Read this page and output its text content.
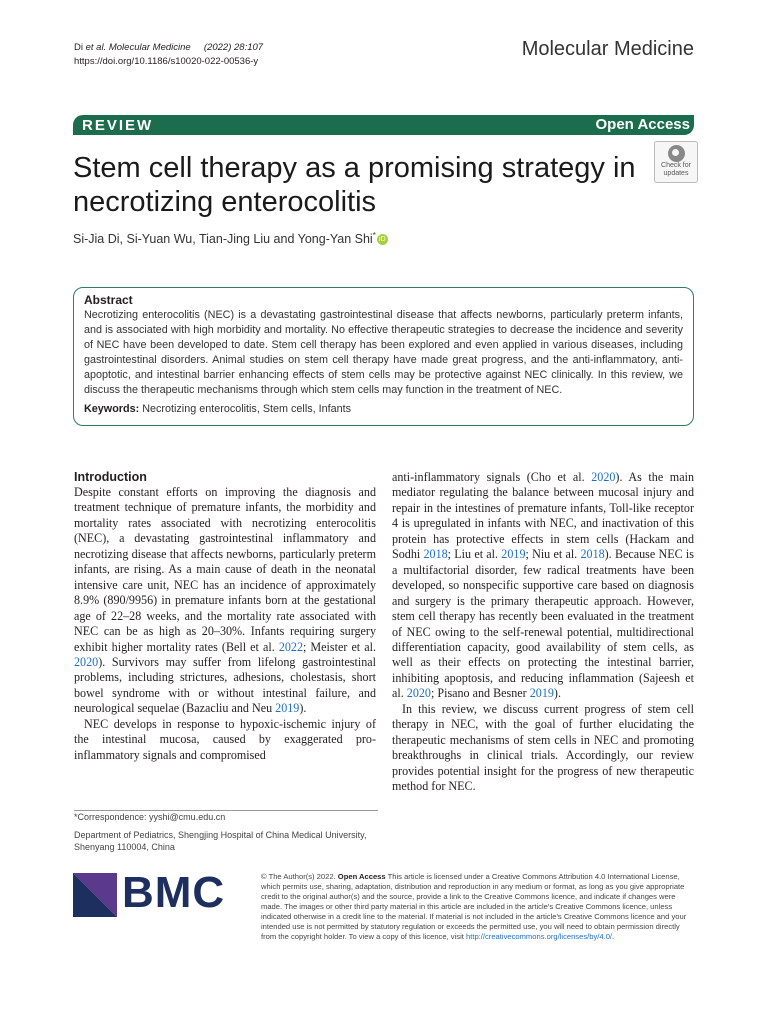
Di et al. Molecular Medicine (2022) 28:107
https://doi.org/10.1186/s10020-022-00536-y
Molecular Medicine
REVIEW	Open Access
Stem cell therapy as a promising strategy in necrotizing enterocolitis
Check for
updates
Si-Jia Di, Si-Yuan Wu, Tian-Jing Liu and Yong-Yan Shi* iD
Abstract

Necrotizing enterocolitis (NEC) is a devastating gastrointestinal disease that affects newborns, particularly preterm infants, and is associated with high morbidity and mortality. No effective therapeutic strategies to decrease the incidence and severity of NEC have been developed to date. Stem cell therapy has been explored and even applied in various diseases, including gastrointestinal disorders. Animal studies on stem cell therapy have made great progress, and the anti-inflammatory, anti-apoptotic, and intestinal barrier enhancing effects of stem cells may be protective against NEC clinically. In this review, we discuss the therapeutic mechanisms through which stem cells may function in the treatment of NEC.

Keywords: Necrotizing enterocolitis, Stem cells, Infants

Introduction

Despite constant efforts on improving the diagnosis and treatment technique of premature infants, the morbidity and mortality rates associated with necrotizing enterocolitis (NEC), a devastating gastrointestinal inflammatory and necrotizing disease that affects newborns, particularly preterm infants, are rising. As a main cause of death in the neonatal intensive care unit, NEC has an incidence of approximately 8.9% (890/9956) in premature infants born at the gestational age of 22–28 weeks, and the mortality rate associated with NEC can be as high as 20–30%. Infants requiring surgery exhibit higher mortality rates (Bell et al. 2022; Meister et al. 2020). Survivors may suffer from lifelong gastrointestinal problems, including strictures, adhesions, cholestasis, short bowel syndrome with or without intestinal failure, and neurological sequelae (Bazacliu and Neu 2019).

NEC develops in response to hypoxic-ischemic injury of the intestinal mucosa, caused by exaggerated pro-inflammatory signals and compromised

anti-inflammatory signals (Cho et al. 2020). As the main mediator regulating the balance between mucosal injury and repair in the intestines of premature infants, Toll-like receptor 4 is upregulated in infants with NEC, and inactivation of this protein has protective effects in stem cells (Hackam and Sodhi 2018; Liu et al. 2019; Niu et al. 2018). Because NEC is a multifactorial disorder, few radical treatments have been developed, so nonspecific supportive care based on diagnosis and surgery is the primary therapeutic approach. However, stem cell therapy has recently been evaluated in the treatment of NEC owing to the self-renewal potential, multidirectional differentiation capacity, good availability of stem cells, as well as their effects on protecting the intestinal barrier, inhibiting apoptosis, and reducing inflammation (Sajeesh et al. 2020; Pisano and Besner 2019).

In this review, we discuss current progress of stem cell therapy in NEC, with the goal of further elucidating the therapeutic mechanisms of stem cells in NEC and promoting breakthroughs in clinical trials. Accordingly, our review provides potential insight for the progress of new therapeutic method for NEC.

*Correspondence: yyshi@cmu.edu.cn
Department of Pediatrics, Shengjing Hospital of China Medical University, Shenyang 110004, China
BMC	© The Author(s) 2022. Open Access This article is licensed under a Creative Commons Attribution 4.0 International License, which permits use, sharing, adaptation, distribution and reproduction in any medium or format, as long as you give appropriate credit to the original author(s) and the source, provide a link to the Creative Commons licence, and indicate if changes were made. The images or other third party material in this article are included in the article's Creative Commons licence, unless indicated otherwise in a credit line to the material. If material is not included in the article's Creative Commons licence and your intended use is not permitted by statutory regulation or exceeds the permitted use, you will need to obtain permission directly from the copyright holder. To view a copy of this licence, visit http://creativecommons.org/licenses/by/4.0/.
